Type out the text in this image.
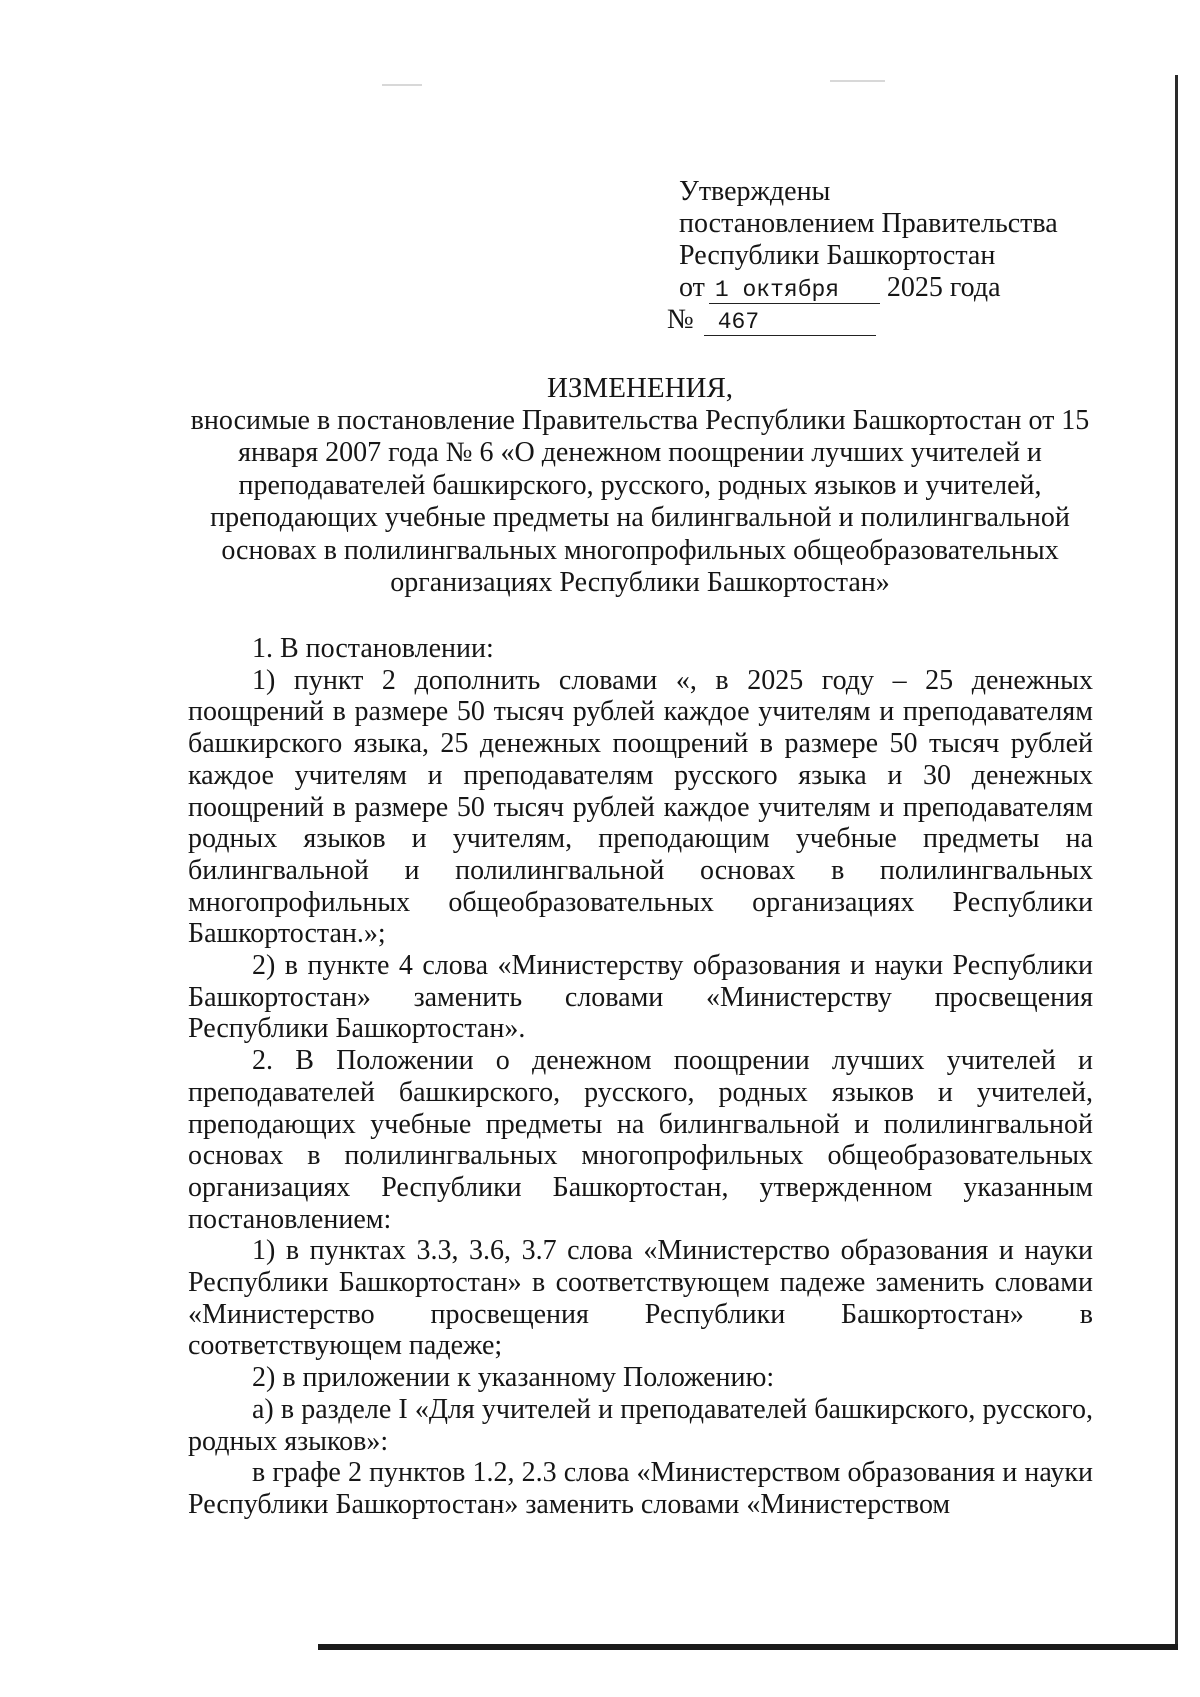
Утверждены
постановлением Правительства
Республики Башкортостан
от 1 октября 2025 года
№ 467
ИЗМЕНЕНИЯ,
вносимые в постановление Правительства Республики Башкортостан от 15 января 2007 года № 6 «О денежном поощрении лучших учителей и преподавателей башкирского, русского, родных языков и учителей, преподающих учебные предметы на билингвальной и полилингвальной основах в полилингвальных многопрофильных общеобразовательных организациях Республики Башкортостан»

1. В постановлении:

1) пункт 2 дополнить словами «, в 2025 году – 25 денежных поощрений в размере 50 тысяч рублей каждое учителям и преподавателям башкирского языка, 25 денежных поощрений в размере 50 тысяч рублей каждое учителям и преподавателям русского языка и 30 денежных поощрений в размере 50 тысяч рублей каждое учителям и преподавателям родных языков и учителям, преподающим учебные предметы на билингвальной и полилингвальной основах в полилингвальных многопрофильных общеобразовательных организациях Республики Башкортостан.»;

2) в пункте 4 слова «Министерству образования и науки Республики Башкортостан» заменить словами «Министерству просвещения Республики Башкортостан».

2. В Положении о денежном поощрении лучших учителей и преподавателей башкирского, русского, родных языков и учителей, преподающих учебные предметы на билингвальной и полилингвальной основах в полилингвальных многопрофильных общеобразовательных организациях Республики Башкортостан, утвержденном указанным постановлением:

1) в пунктах 3.3, 3.6, 3.7 слова «Министерство образования и науки Республики Башкортостан» в соответствующем падеже заменить словами «Министерство просвещения Республики Башкортостан» в соответствующем падеже;

2) в приложении к указанному Положению:

а) в разделе I «Для учителей и преподавателей башкирского, русского, родных языков»:

в графе 2 пунктов 1.2, 2.3 слова «Министерством образования и науки Республики Башкортостан» заменить словами «Министерством
